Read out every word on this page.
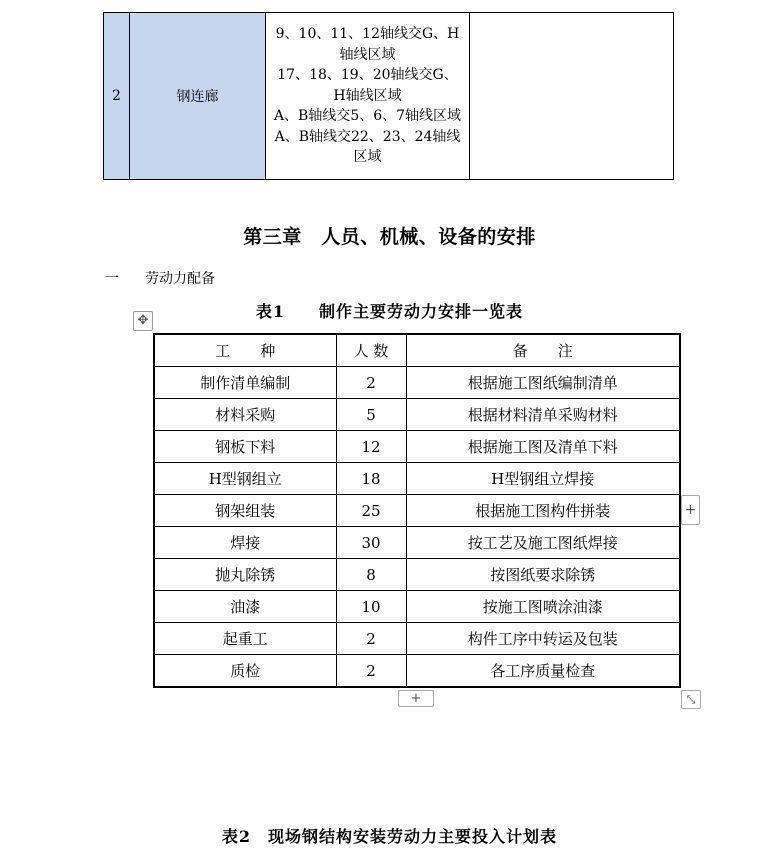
2	钢连廊	
9、10、11、12轴线交G、H轴线区域
17、18、19、20轴线交G、H轴线区域
A、B轴线交5、6、7轴线区域
A、B轴线交22、23、24轴线区域

第三章　人员、机械、设备的安排
一 劳动力配备
表1　　制作主要劳动力安排一览表
✥
工　　种	人 数	备　　注
制作清单编制	2	根据施工图纸编制清单
材料采购	5	根据材料清单采购材料
钢板下料	12	根据施工图及清单下料
H型钢组立	18	H型钢组立焊接
钢架组装	25	根据施工图构件拼装
焊接	30	按工艺及施工图纸焊接
抛丸除锈	8	按图纸要求除锈
油漆	10	按施工图喷涂油漆
起重工	2	构件工序中转运及包装
质检	2	各工序质量检查
+
+	⤡
表2　现场钢结构安装劳动力主要投入计划表
